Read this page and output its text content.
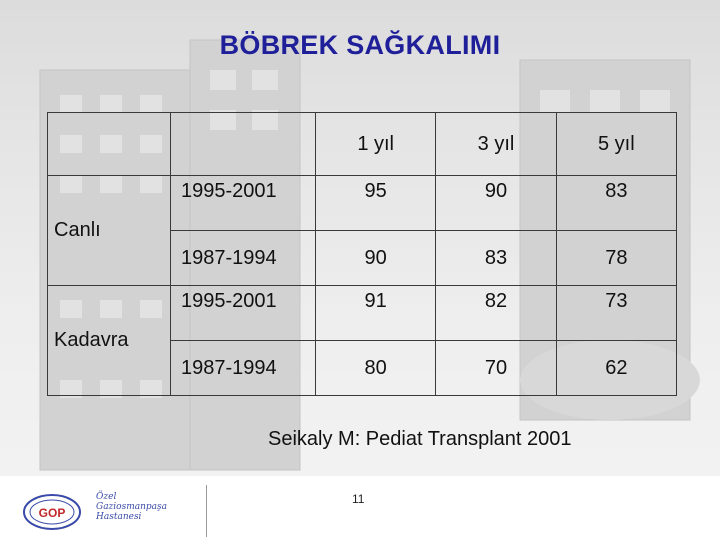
BÖBREK SAĞKALIMI
		1 yıl	3 yıl	5 yıl
Canlı	1995-2001	95	90	83
	1987-1994	90	83	78
Kadavra	1995-2001	91	82	73
	1987-1994	80	70	62
Seikaly M: Pediat Transplant 2001
GOP
Özel
Gaziosmanpaşa
Hastanesi
11
